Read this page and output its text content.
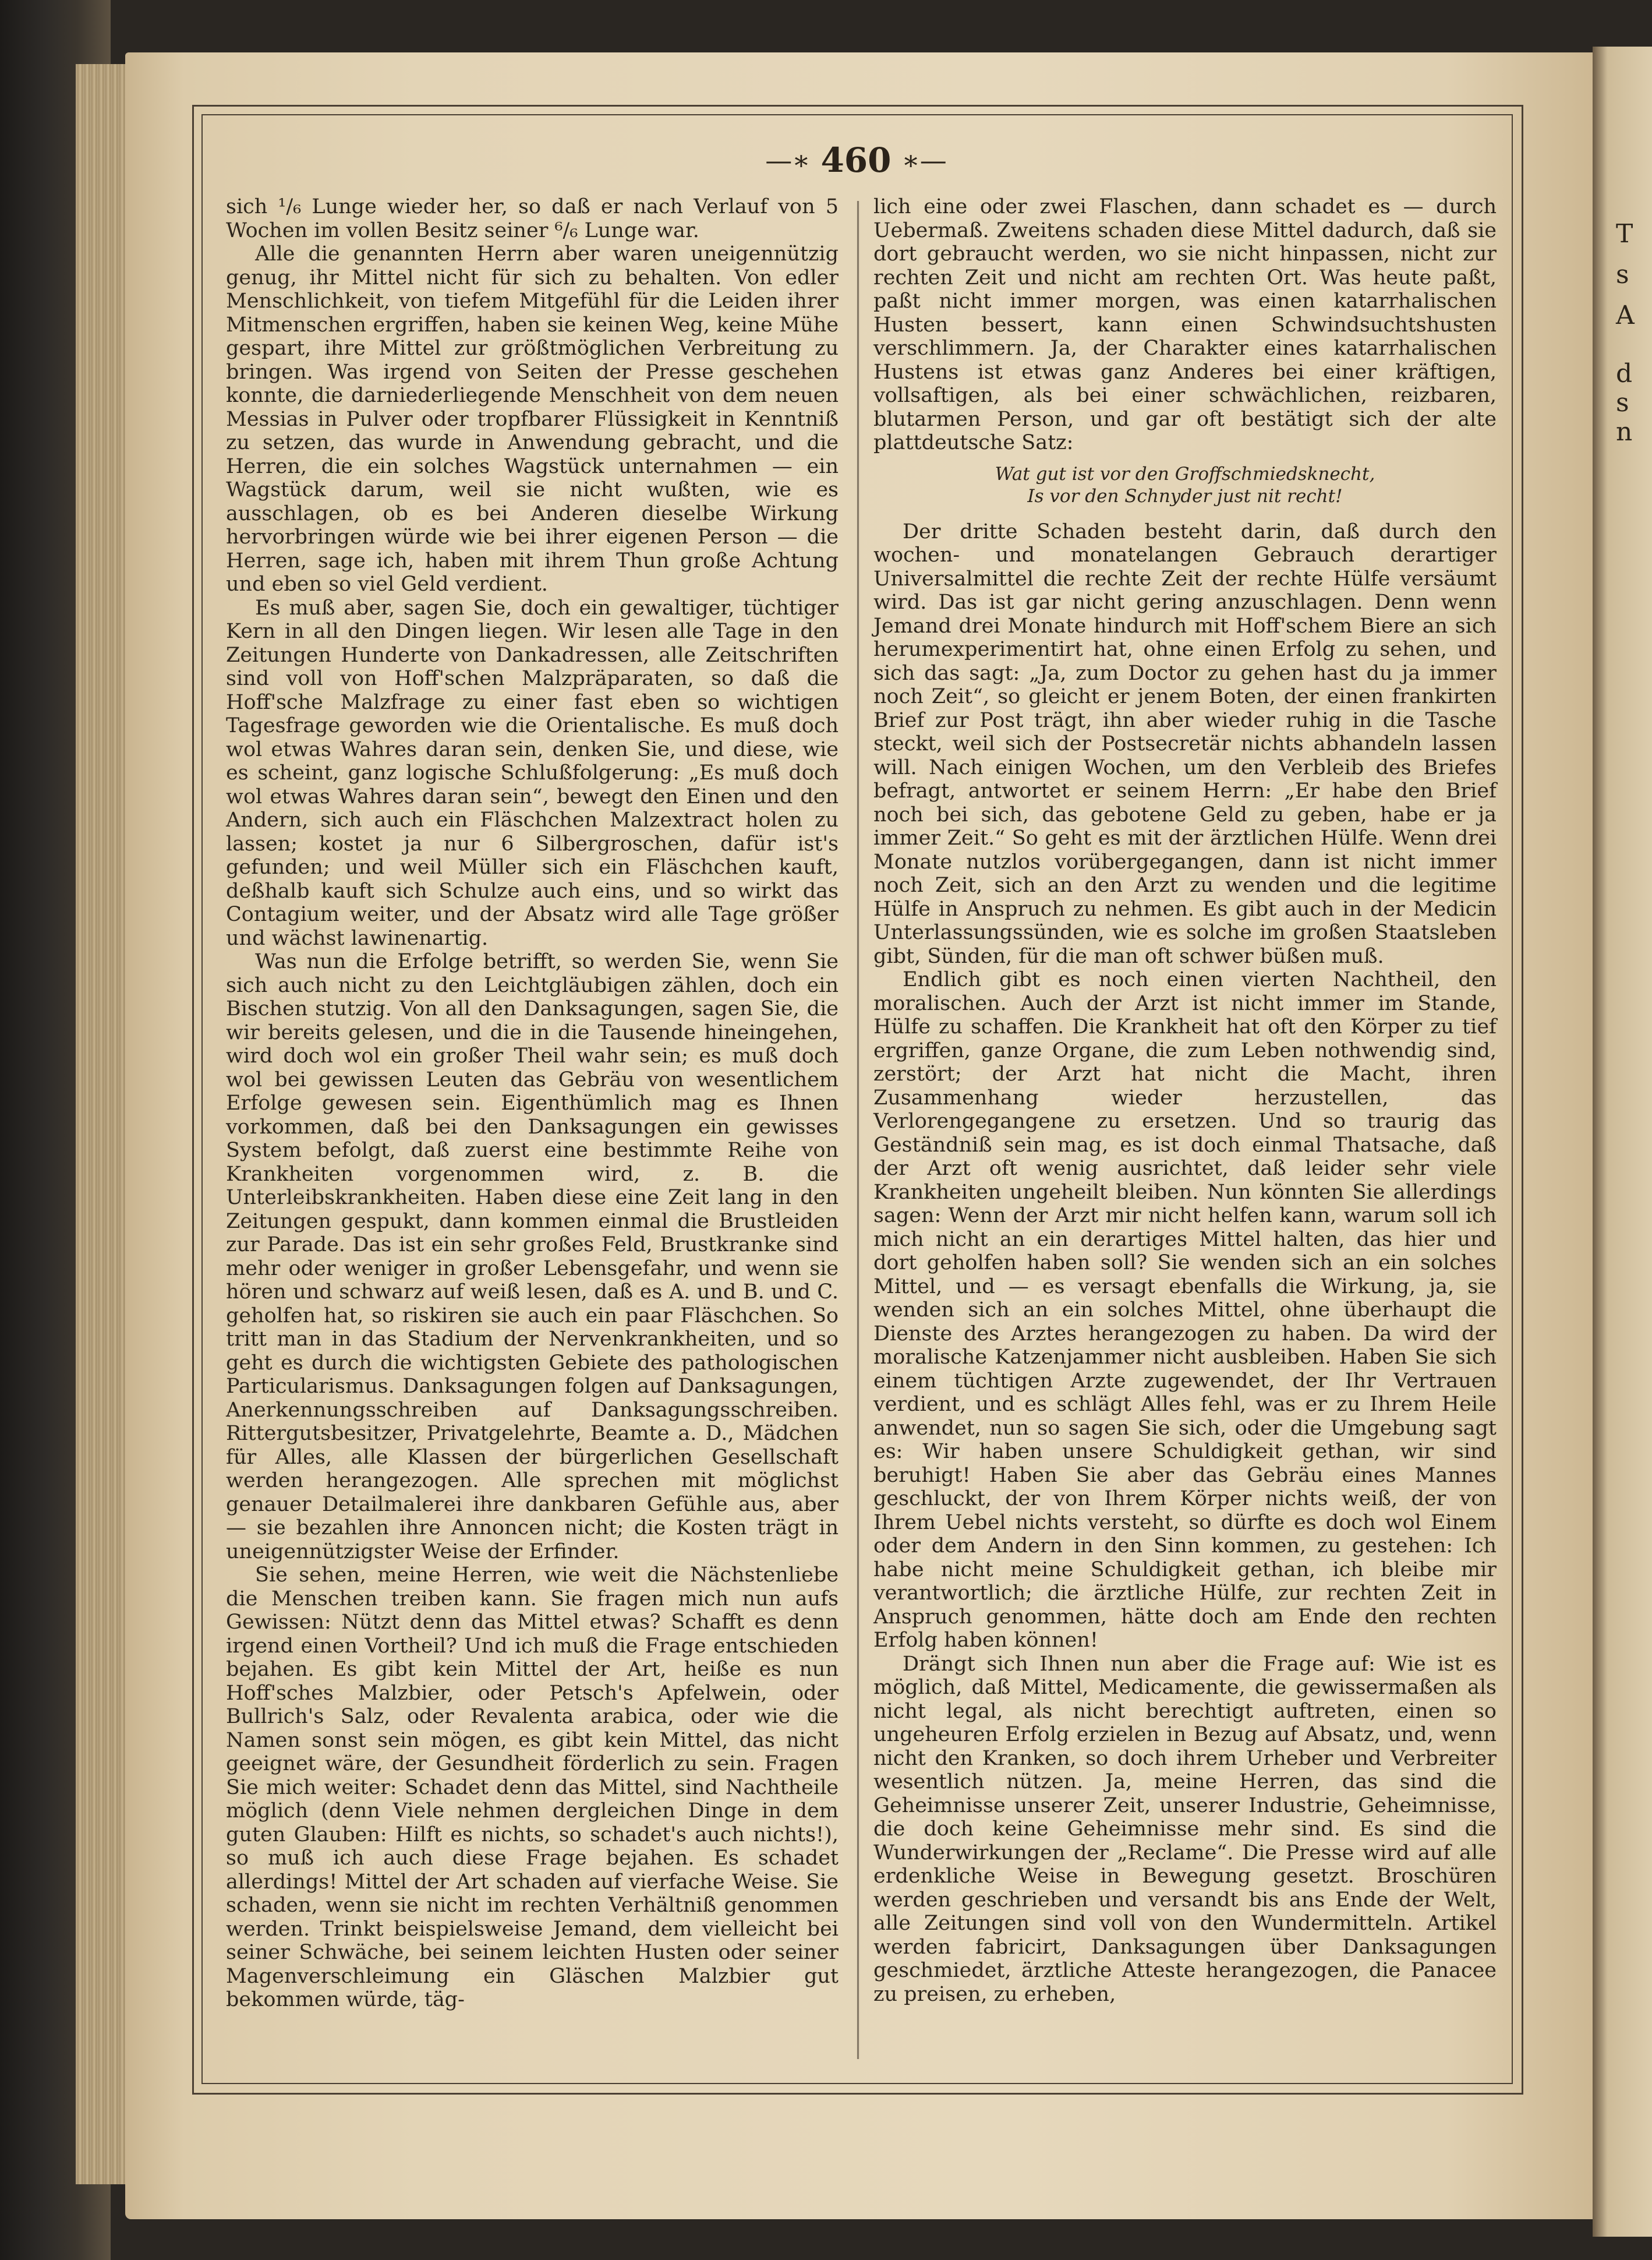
T
s
A
d
s
n
—∗ 460 ∗—

sich ¹/₆ Lunge wieder her, so daß er nach Verlauf von 5 Wochen im vollen Besitz seiner ⁶/₆ Lunge war.

Alle die genannten Herrn aber waren uneigennützig genug, ihr Mittel nicht für sich zu behalten. Von edler Menschlichkeit, von tiefem Mitgefühl für die Leiden ihrer Mitmenschen ergriffen, haben sie keinen Weg, keine Mühe gespart, ihre Mittel zur größtmöglichen Verbreitung zu bringen. Was irgend von Seiten der Presse geschehen konnte, die darniederliegende Menschheit von dem neuen Messias in Pulver oder tropfbarer Flüssigkeit in Kenntniß zu setzen, das wurde in Anwendung gebracht, und die Herren, die ein solches Wagstück unternahmen — ein Wagstück darum, weil sie nicht wußten, wie es ausschlagen, ob es bei Anderen dieselbe Wirkung hervorbringen würde wie bei ihrer eigenen Person — die Herren, sage ich, haben mit ihrem Thun große Achtung und eben so viel Geld verdient.

Es muß aber, sagen Sie, doch ein gewaltiger, tüchtiger Kern in all den Dingen liegen. Wir lesen alle Tage in den Zeitungen Hunderte von Dankadressen, alle Zeitschriften sind voll von Hoff'schen Malzpräparaten, so daß die Hoff'sche Malzfrage zu einer fast eben so wichtigen Tagesfrage geworden wie die Orientalische. Es muß doch wol etwas Wahres daran sein, denken Sie, und diese, wie es scheint, ganz logische Schlußfolgerung: „Es muß doch wol etwas Wahres daran sein“, bewegt den Einen und den Andern, sich auch ein Fläschchen Malzextract holen zu lassen; kostet ja nur 6 Silbergroschen, dafür ist's gefunden; und weil Müller sich ein Fläschchen kauft, deßhalb kauft sich Schulze auch eins, und so wirkt das Contagium weiter, und der Absatz wird alle Tage größer und wächst lawinenartig.

Was nun die Erfolge betrifft, so werden Sie, wenn Sie sich auch nicht zu den Leichtgläubigen zählen, doch ein Bischen stutzig. Von all den Danksagungen, sagen Sie, die wir bereits gelesen, und die in die Tausende hineingehen, wird doch wol ein großer Theil wahr sein; es muß doch wol bei gewissen Leuten das Gebräu von wesentlichem Erfolge gewesen sein. Eigenthümlich mag es Ihnen vorkommen, daß bei den Danksagungen ein gewisses System befolgt, daß zuerst eine bestimmte Reihe von Krankheiten vorgenommen wird, z. B. die Unterleibskrankheiten. Haben diese eine Zeit lang in den Zeitungen gespukt, dann kommen einmal die Brustleiden zur Parade. Das ist ein sehr großes Feld, Brustkranke sind mehr oder weniger in großer Lebensgefahr, und wenn sie hören und schwarz auf weiß lesen, daß es A. und B. und C. geholfen hat, so riskiren sie auch ein paar Fläschchen. So tritt man in das Stadium der Nervenkrankheiten, und so geht es durch die wichtigsten Gebiete des pathologischen Particularismus. Danksagungen folgen auf Danksagungen, Anerkennungsschreiben auf Danksagungsschreiben. Rittergutsbesitzer, Privatgelehrte, Beamte a. D., Mädchen für Alles, alle Klassen der bürgerlichen Gesellschaft werden herangezogen. Alle sprechen mit möglichst genauer Detailmalerei ihre dankbaren Gefühle aus, aber — sie bezahlen ihre Annoncen nicht; die Kosten trägt in uneigennützigster Weise der Erfinder.

Sie sehen, meine Herren, wie weit die Nächstenliebe die Menschen treiben kann. Sie fragen mich nun aufs Gewissen: Nützt denn das Mittel etwas? Schafft es denn irgend einen Vortheil? Und ich muß die Frage entschieden bejahen. Es gibt kein Mittel der Art, heiße es nun Hoff'sches Malzbier, oder Petsch's Apfelwein, oder Bullrich's Salz, oder Revalenta arabica, oder wie die Namen sonst sein mögen, es gibt kein Mittel, das nicht geeignet wäre, der Gesundheit förderlich zu sein. Fragen Sie mich weiter: Schadet denn das Mittel, sind Nachtheile möglich (denn Viele nehmen dergleichen Dinge in dem guten Glauben: Hilft es nichts, so schadet's auch nichts!), so muß ich auch diese Frage bejahen. Es schadet allerdings! Mittel der Art schaden auf vierfache Weise. Sie schaden, wenn sie nicht im rechten Verhältniß genommen werden. Trinkt beispielsweise Jemand, dem vielleicht bei seiner Schwäche, bei seinem leichten Husten oder seiner Magenverschleimung ein Gläschen Malzbier gut bekommen würde, täg-

lich eine oder zwei Flaschen, dann schadet es — durch Uebermaß. Zweitens schaden diese Mittel dadurch, daß sie dort gebraucht werden, wo sie nicht hinpassen, nicht zur rechten Zeit und nicht am rechten Ort. Was heute paßt, paßt nicht immer morgen, was einen katarrhalischen Husten bessert, kann einen Schwindsuchtshusten verschlimmern. Ja, der Charakter eines katarrhalischen Hustens ist etwas ganz Anderes bei einer kräftigen, vollsaftigen, als bei einer schwächlichen, reizbaren, blutarmen Person, und gar oft bestätigt sich der alte plattdeutsche Satz:

Wat gut ist vor den Groffschmiedsknecht,
Is vor den Schnyder just nit recht!

Der dritte Schaden besteht darin, daß durch den wochen- und monatelangen Gebrauch derartiger Universalmittel die rechte Zeit der rechte Hülfe versäumt wird. Das ist gar nicht gering anzuschlagen. Denn wenn Jemand drei Monate hindurch mit Hoff'schem Biere an sich herumexperimentirt hat, ohne einen Erfolg zu sehen, und sich das sagt: „Ja, zum Doctor zu gehen hast du ja immer noch Zeit“, so gleicht er jenem Boten, der einen frankirten Brief zur Post trägt, ihn aber wieder ruhig in die Tasche steckt, weil sich der Postsecretär nichts abhandeln lassen will. Nach einigen Wochen, um den Verbleib des Briefes befragt, antwortet er seinem Herrn: „Er habe den Brief noch bei sich, das gebotene Geld zu geben, habe er ja immer Zeit.“ So geht es mit der ärztlichen Hülfe. Wenn drei Monate nutzlos vorübergegangen, dann ist nicht immer noch Zeit, sich an den Arzt zu wenden und die legitime Hülfe in Anspruch zu nehmen. Es gibt auch in der Medicin Unterlassungssünden, wie es solche im großen Staatsleben gibt, Sünden, für die man oft schwer büßen muß.

Endlich gibt es noch einen vierten Nachtheil, den moralischen. Auch der Arzt ist nicht immer im Stande, Hülfe zu schaffen. Die Krankheit hat oft den Körper zu tief ergriffen, ganze Organe, die zum Leben nothwendig sind, zerstört; der Arzt hat nicht die Macht, ihren Zusammenhang wieder herzustellen, das Verlorengegangene zu ersetzen. Und so traurig das Geständniß sein mag, es ist doch einmal Thatsache, daß der Arzt oft wenig ausrichtet, daß leider sehr viele Krankheiten ungeheilt bleiben. Nun könnten Sie allerdings sagen: Wenn der Arzt mir nicht helfen kann, warum soll ich mich nicht an ein derartiges Mittel halten, das hier und dort geholfen haben soll? Sie wenden sich an ein solches Mittel, und — es versagt ebenfalls die Wirkung, ja, sie wenden sich an ein solches Mittel, ohne überhaupt die Dienste des Arztes herangezogen zu haben. Da wird der moralische Katzenjammer nicht ausbleiben. Haben Sie sich einem tüchtigen Arzte zugewendet, der Ihr Vertrauen verdient, und es schlägt Alles fehl, was er zu Ihrem Heile anwendet, nun so sagen Sie sich, oder die Umgebung sagt es: Wir haben unsere Schuldigkeit gethan, wir sind beruhigt! Haben Sie aber das Gebräu eines Mannes geschluckt, der von Ihrem Körper nichts weiß, der von Ihrem Uebel nichts versteht, so dürfte es doch wol Einem oder dem Andern in den Sinn kommen, zu gestehen: Ich habe nicht meine Schuldigkeit gethan, ich bleibe mir verantwortlich; die ärztliche Hülfe, zur rechten Zeit in Anspruch genommen, hätte doch am Ende den rechten Erfolg haben können!

Drängt sich Ihnen nun aber die Frage auf: Wie ist es möglich, daß Mittel, Medicamente, die gewissermaßen als nicht legal, als nicht berechtigt auftreten, einen so ungeheuren Erfolg erzielen in Bezug auf Absatz, und, wenn nicht den Kranken, so doch ihrem Urheber und Verbreiter wesentlich nützen. Ja, meine Herren, das sind die Geheimnisse unserer Zeit, unserer Industrie, Geheimnisse, die doch keine Geheimnisse mehr sind. Es sind die Wunderwirkungen der „Reclame“. Die Presse wird auf alle erdenkliche Weise in Bewegung gesetzt. Broschüren werden geschrieben und versandt bis ans Ende der Welt, alle Zeitungen sind voll von den Wundermitteln. Artikel werden fabricirt, Danksagungen über Danksagungen geschmiedet, ärztliche Atteste herangezogen, die Panacee zu preisen, zu erheben,
